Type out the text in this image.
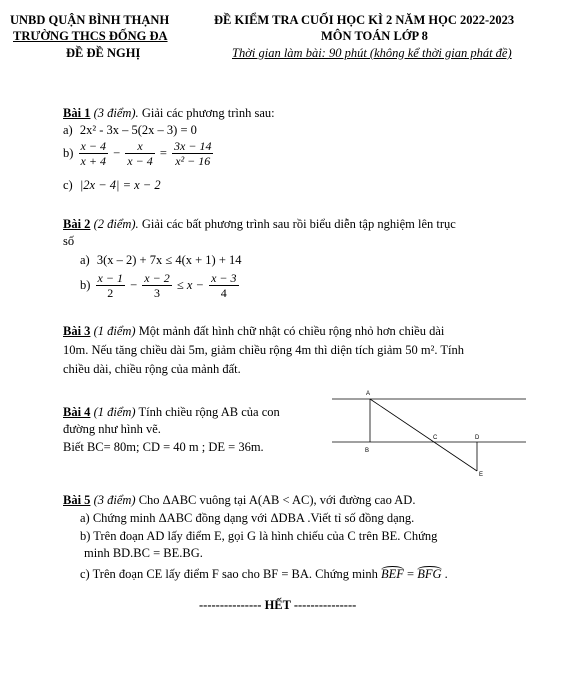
UNBD QUẬN BÌNH THẠNH
TRƯỜNG THCS ĐỐNG ĐA
ĐỀ ĐỀ NGHỊ
ĐỀ KIỂM TRA CUỐI HỌC KÌ 2 NĂM HỌC 2022-2023
MÔN TOÁN LỚP 8
Thời gian làm bài: 90 phút (không kể thời gian phát đề)
Bài 1 (3 điểm). Giải các phương trình sau:
a) 2x² - 3x – 5(2x – 3) = 0
$b) \frac{x - 4}{x + 4} - \frac{x}{x - 4} = \frac{3x - 14}{\text{x² − 16}}$
c) |2x − 4| = x − 2
Bài 2 (2 điểm). Giải các bất phương trình sau rồi biểu diễn tập nghiệm lên trục
số
a) 3(x – 2) + 7x ≤ 4(x + 1) + 14
$b) \frac{x - 1}{2} - \frac{x - 2}{3} \le x - \frac{x - 3}{4}$
Bài 3 (1 điểm) Một mảnh đất hình chữ nhật có chiều rộng nhỏ hơn chiều dài
10m. Nếu tăng chiều dài 5m, giảm chiều rộng 4m thì diện tích giảm 50 m². Tính
chiều dài, chiều rộng của mảnh đất.
Bài 4 (1 điểm) Tính chiều rộng AB của con
đường như hình vẽ.
Biết BC= 80m; CD = 40 m ; DE = 36m.
A
B
C	D
E
Bài 5 (3 điểm) Cho ΔABC vuông tại A(AB < AC), với đường cao AD.
a) Chứng minh ΔABC đồng dạng với ΔDBA .Viết tỉ số đồng dạng.
b) Trên đoạn AD lấy điểm E, gọi G là hình chiếu của C trên BE. Chứng
minh BD.BC = BE.BG.
c) Trên đoạn CE lấy điểm F sao cho BF = BA. Chứng minh BEF = BFG .
--------------- HẾT ---------------
